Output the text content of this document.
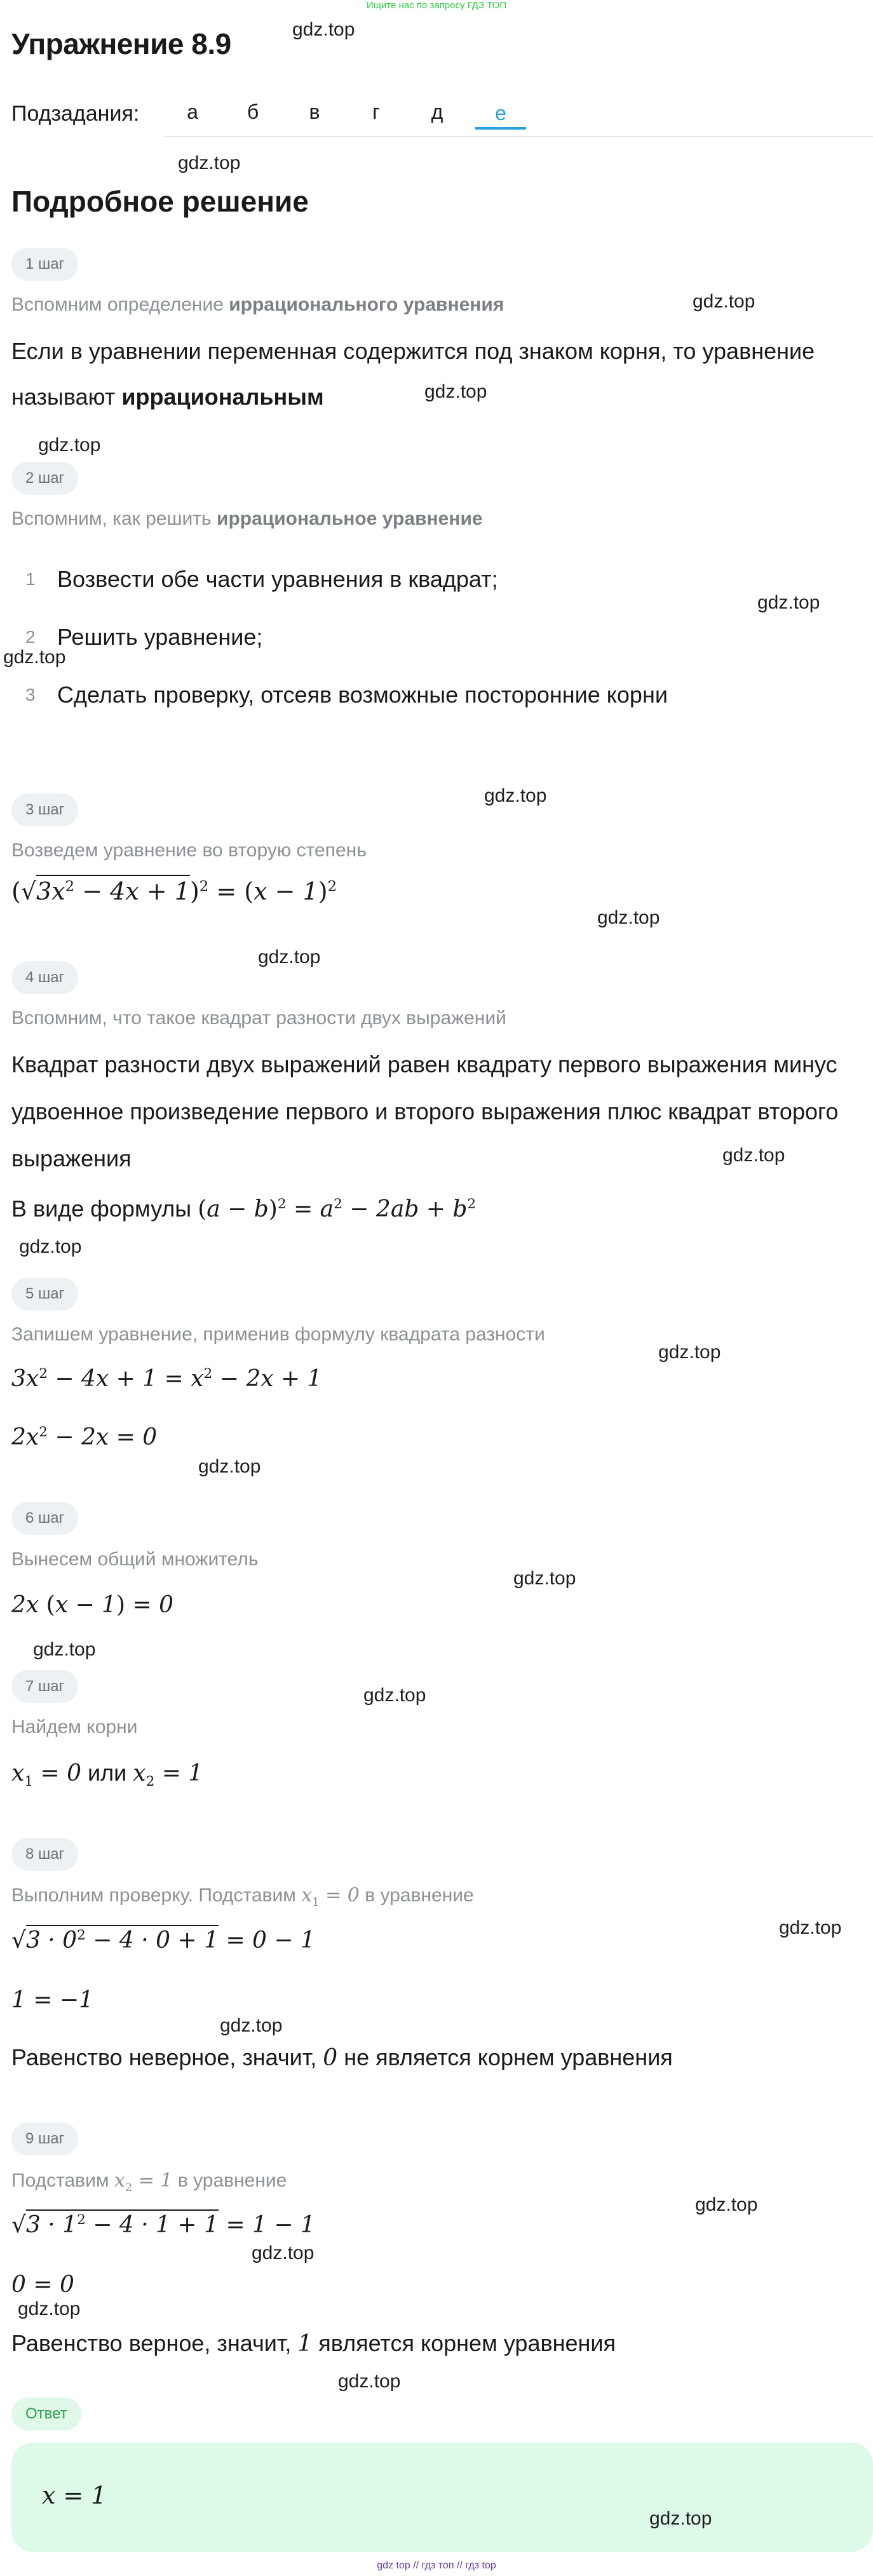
Ищите нас по запросу ГДЗ ТОП
Упражнение 8.9	gdz.top
Подзадания:	а	б	в	г	д	е
gdz.top
Подробное решение
1 шаг
Вспомним определение иррационального уравнения	gdz.top
Если в уравнении переменная содержится под знаком корня, то уравнение
называют иррациональным	gdz.top
gdz.top
2 шаг
Вспомним, как решить иррациональное уравнение
1 Возвести обе части уравнения в квадрат;
gdz.top
2 Решить уравнение;
gdz.top
3 Сделать проверку, отсеяв возможные посторонние корни
gdz.top
3 шаг
Возведем уравнение во вторую степень
$(√3x^2 - 4x + 1)^2 = (x - 1)^2$
gdz.top
gdz.top
4 шаг
Вспомним, что такое квадрат разности двух выражений
Квадрат разности двух выражений равен квадрату первого выражения минус
удвоенное произведение первого и второго выражения плюс квадрат второго
выражения	gdz.top
В виде формулы $(a - b)^2 = a^2 - 2ab + b^2$
gdz.top
5 шаг
Запишем уравнение, применив формулу квадрата разности
gdz.top
$3x^2 - 4x + 1 = x^2 - 2x + 1$
$2x^2 - 2x = 0$
gdz.top
6 шаг
Вынесем общий множитель
gdz.top
2x (x − 1) = 0
gdz.top
7 шаг	gdz.top
Найдем корни
$x_1 = 0$ или $x_2 = 1$
8 шаг
Выполним проверку. Подставим $x_1 = 0$ в уравнение
gdz.top
$√3 \cdot 0^2 - 4 \cdot 0 + 1 = 0 - 1$
1 = −1
gdz.top
Равенство неверное, значит, 0 не является корнем уравнения
9 шаг
Подставим $x_2 = 1$ в уравнение
gdz.top
$√3 \cdot 1^2 - 4 \cdot 1 + 1 = 1 - 1$
gdz.top
0 = 0
gdz.top
Равенство верное, значит, 1 является корнем уравнения
gdz.top
Ответ
x = 1
gdz.top
gdz top // гдз топ // гдз top
